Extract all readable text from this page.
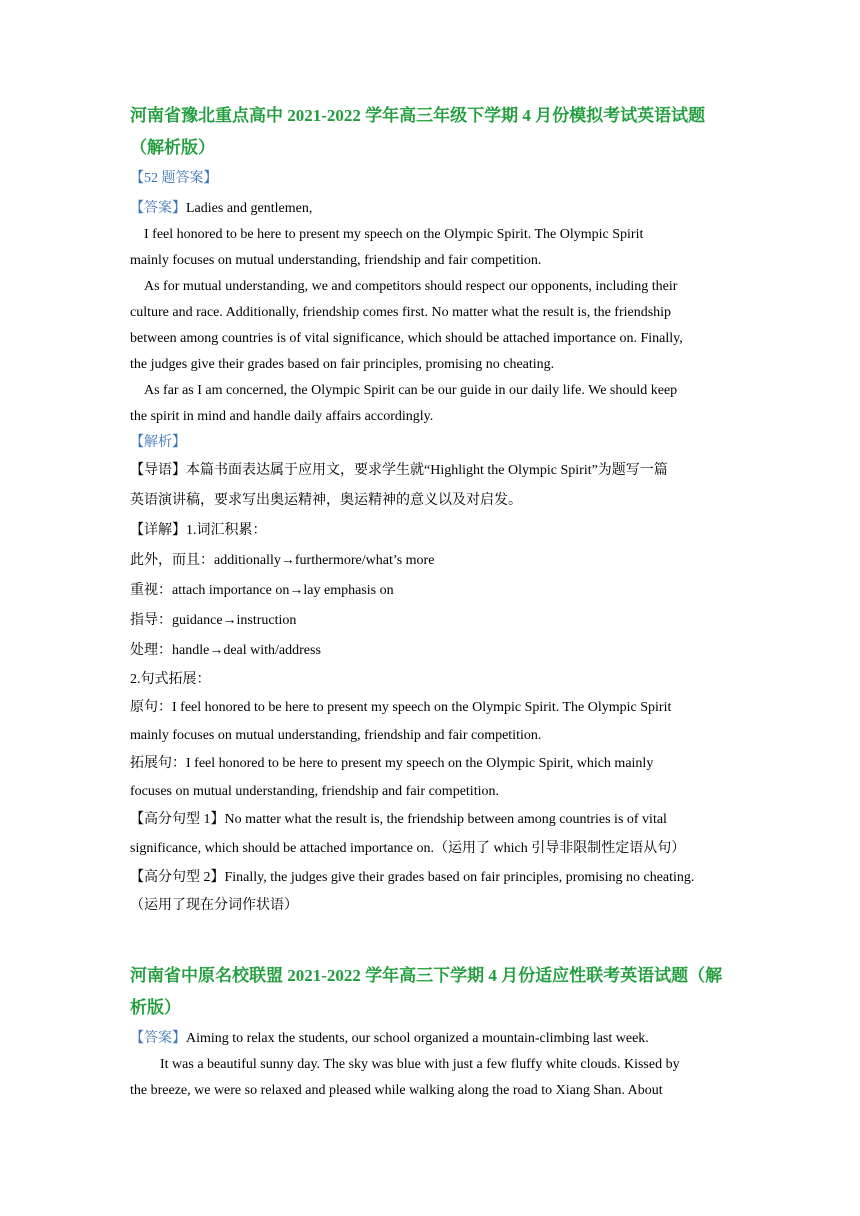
河南省豫北重点高中 2021-2022 学年高三年级下学期 4 月份模拟考试英语试题

（解析版）

【52 题答案】

【答案】Ladies and gentlemen,

I feel honored to be here to present my speech on the Olympic Spirit. The Olympic Spirit

mainly focuses on mutual understanding, friendship and fair competition.

As for mutual understanding, we and competitors should respect our opponents, including their

culture and race. Additionally, friendship comes first. No matter what the result is, the friendship

between among countries is of vital significance, which should be attached importance on. Finally,

the judges give their grades based on fair principles, promising no cheating.

As far as I am concerned, the Olympic Spirit can be our guide in our daily life. We should keep

the spirit in mind and handle daily affairs accordingly.

【解析】

【导语】本篇书面表达属于应用文，要求学生就“Highlight the Olympic Spirit”为题写一篇

英语演讲稿，要求写出奥运精神，奥运精神的意义以及对启发。

【详解】1.词汇积累：

此外，而且：additionally→furthermore/what’s more

重视：attach importance on→lay emphasis on

指导：guidance→instruction

处理：handle→deal with/address

2.句式拓展：

原句：I feel honored to be here to present my speech on the Olympic Spirit. The Olympic Spirit

mainly focuses on mutual understanding, friendship and fair competition.

拓展句：I feel honored to be here to present my speech on the Olympic Spirit, which mainly

focuses on mutual understanding, friendship and fair competition.

【高分句型 1】No matter what the result is, the friendship between among countries is of vital

significance, which should be attached importance on.（运用了 which 引导非限制性定语从句）

【高分句型 2】Finally, the judges give their grades based on fair principles, promising no cheating.

（运用了现在分词作状语）

河南省中原名校联盟 2021-2022 学年高三下学期 4 月份适应性联考英语试题（解

析版）

【答案】Aiming to relax the students, our school organized a mountain-climbing last week.

It was a beautiful sunny day. The sky was blue with just a few fluffy white clouds. Kissed by

the breeze, we were so relaxed and pleased while walking along the road to Xiang Shan. About
